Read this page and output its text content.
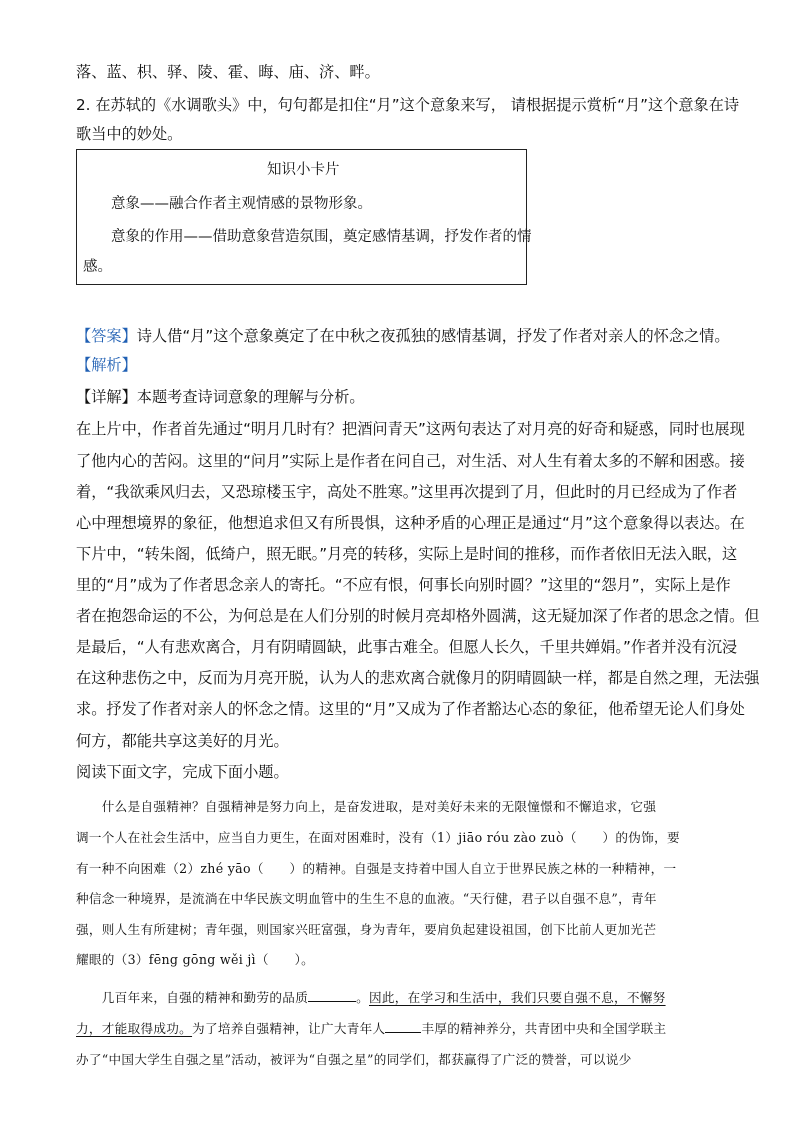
落、蓝、枳、驿、陵、霍、晦、庙、济、畔。
2. 在苏轼的《水调歌头》中，句句都是扣住“月”这个意象来写， 请根据提示赏析“月”这个意象在诗
歌当中的妙处。
知识小卡片
意象——融合作者主观情感的景物形象。
意象的作用——借助意象营造氛围，奠定感情基调，抒发作者的情
感。
【答案】诗人借“月”这个意象奠定了在中秋之夜孤独的感情基调，抒发了作者对亲人的怀念之情。
【解析】
【详解】本题考查诗词意象的理解与分析。
在上片中，作者首先通过“明月几时有？把酒问青天”这两句表达了对月亮的好奇和疑惑，同时也展现
了他内心的苦闷。这里的“问月”实际上是作者在问自己，对生活、对人生有着太多的不解和困惑。接
着，“我欲乘风归去，又恐琼楼玉宇，高处不胜寒。”这里再次提到了月，但此时的月已经成为了作者
心中理想境界的象征，他想追求但又有所畏惧，这种矛盾的心理正是通过“月”这个意象得以表达。在
下片中，“转朱阁，低绮户，照无眠。”月亮的转移，实际上是时间的推移，而作者依旧无法入眠，这
里的“月”成为了作者思念亲人的寄托。“不应有恨，何事长向别时圆？”这里的“怨月”，实际上是作
者在抱怨命运的不公，为何总是在人们分别的时候月亮却格外圆满，这无疑加深了作者的思念之情。但
是最后，“人有悲欢离合，月有阴晴圆缺，此事古难全。但愿人长久，千里共婵娟。”作者并没有沉浸
在这种悲伤之中，反而为月亮开脱，认为人的悲欢离合就像月的阴晴圆缺一样，都是自然之理，无法强
求。抒发了作者对亲人的怀念之情。这里的“月”又成为了作者豁达心态的象征，他希望无论人们身处
何方，都能共享这美好的月光。
阅读下面文字，完成下面小题。
　　什么是自强精神？自强精神是努力向上，是奋发进取，是对美好未来的无限憧憬和不懈追求，它强
调一个人在社会生活中，应当自力更生，在面对困难时，没有（1）jiāo róu zào zuò（　　）的伪饰，要
有一种不向困难（2）zhé yāo（　　）的精神。自强是支持着中国人自立于世界民族之林的一种精神，一
种信念一种境界，是流淌在中华民族文明血管中的生生不息的血液。“天行健，君子以自强不息”，青年
强，则人生有所建树；青年强，则国家兴旺富强，身为青年，要肩负起建设祖国，创下比前人更加光芒
耀眼的（3）fēng gōng wěi jì（　　）。
　　几百年来，自强的精神和勤劳的品质	。因此，在学习和生活中，我们只要自强不息，不懈努
力，才能取得成功。为了培养自强精神，让广大青年人	丰厚的精神养分，共青团中央和全国学联主
办了“中国大学生自强之星”活动，被评为“自强之星”的同学们，都获赢得了广泛的赞誉，可以说少
